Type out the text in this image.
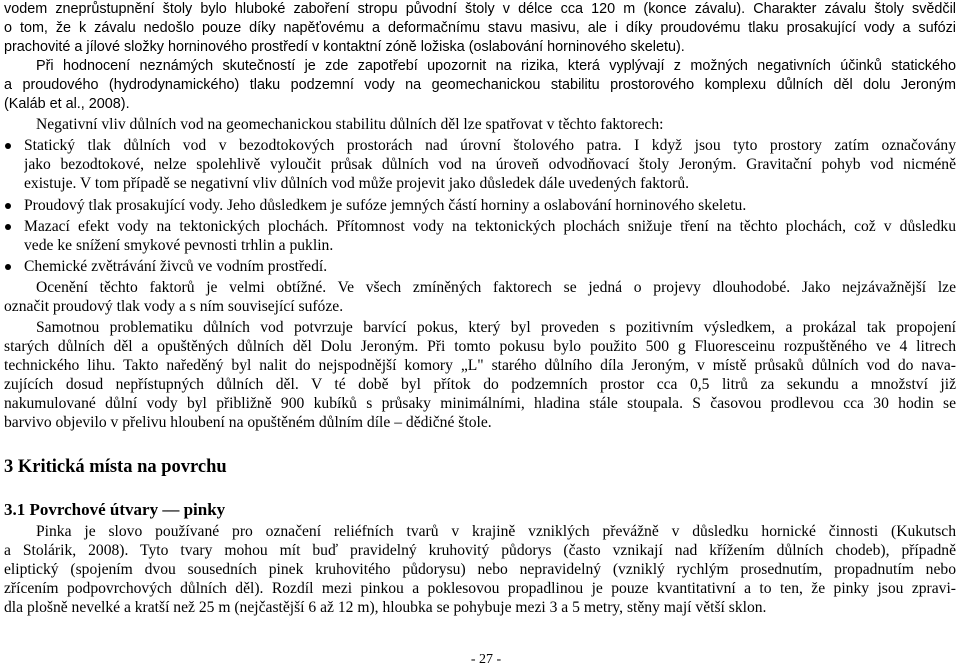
vodem zneprůstupnění štoly bylo hluboké zaboření stropu původní štoly v délce cca 120 m (konce závalu). Charakter závalu štoly svědčil
o tom, že k závalu nedošlo pouze díky napěťovému a deformačnímu stavu masivu, ale i díky proudovému tlaku prosakující vody a sufózi
prachovité a jílové složky horninového prostředí v kontaktní zóně ložiska (oslabování horninového skeletu).
Při hodnocení neznámých skutečností je zde zapotřebí upozornit na rizika, která vyplývají z možných negativních účinků statického
a proudového (hydrodynamického) tlaku podzemní vody na geomechanickou stabilitu prostorového komplexu důlních děl dolu Jeroným
(Kaláb et al., 2008).
Negativní vliv důlních vod na geomechanickou stabilitu důlních děl lze spatřovat v těchto faktorech:
Statický tlak důlních vod v bezodtokových prostorách nad úrovní štolového patra. I když jsou tyto prostory zatím označovány
jako bezodtokové, nelze spolehlivě vyloučit průsak důlních vod na úroveň odvodňovací štoly Jeroným. Gravitační pohyb vod nicméně
existuje. V tom případě se negativní vliv důlních vod může projevit jako důsledek dále uvedených faktorů.
Proudový tlak prosakující vody. Jeho důsledkem je sufóze jemných částí horniny a oslabování horninového skeletu.
Mazací efekt vody na tektonických plochách. Přítomnost vody na tektonických plochách snižuje tření na těchto plochách, což v důsledku
vede ke snížení smykové pevnosti trhlin a puklin.
Chemické zvětrávání živců ve vodním prostředí.
Ocenění těchto faktorů je velmi obtížné. Ve všech zmíněných faktorech se jedná o projevy dlouhodobé. Jako nejzávažnější lze
označit proudový tlak vody a s ním související sufóze.
Samotnou problematiku důlních vod potvrzuje barvící pokus, který byl proveden s pozitivním výsledkem, a prokázal tak propojení
starých důlních děl a opuštěných důlních děl Dolu Jeroným. Při tomto pokusu bylo použito 500 g Fluoresceinu rozpuštěného ve 4 litrech
technického lihu. Takto naředěný byl nalit do nejspodnější komory „L" starého důlního díla Jeroným, v místě průsaků důlních vod do nava-
zujících dosud nepřístupných důlních děl. V té době byl přítok do podzemních prostor cca 0,5 litrů za sekundu a množství již
nakumulované důlní vody byl přibližně 900 kubíků s průsaky minimálními, hladina stále stoupala. S časovou prodlevou cca 30 hodin se
barvivo objevilo v přelivu hloubení na opuštěném důlním díle – dědičné štole.
3 Kritická místa na povrchu
3.1 Povrchové útvary — pinky
Pinka je slovo používané pro označení reliéfních tvarů v krajině vzniklých převážně v důsledku hornické činnosti (Kukutsch
a Stolárik, 2008). Tyto tvary mohou mít buď pravidelný kruhovitý půdorys (často vznikají nad křížením důlních chodeb), případně
eliptický (spojením dvou sousedních pinek kruhovitého půdorysu) nebo nepravidelný (vzniklý rychlým prosednutím, propadnutím nebo
zřícením podpovrchových důlních děl). Rozdíl mezi pinkou a poklesovou propadlinou je pouze kvantitativní a to ten, že pinky jsou zpravi-
dla plošně nevelké a kratší než 25 m (nejčastější 6 až 12 m), hloubka se pohybuje mezi 3 a 5 metry, stěny mají větší sklon.
- 27 -
